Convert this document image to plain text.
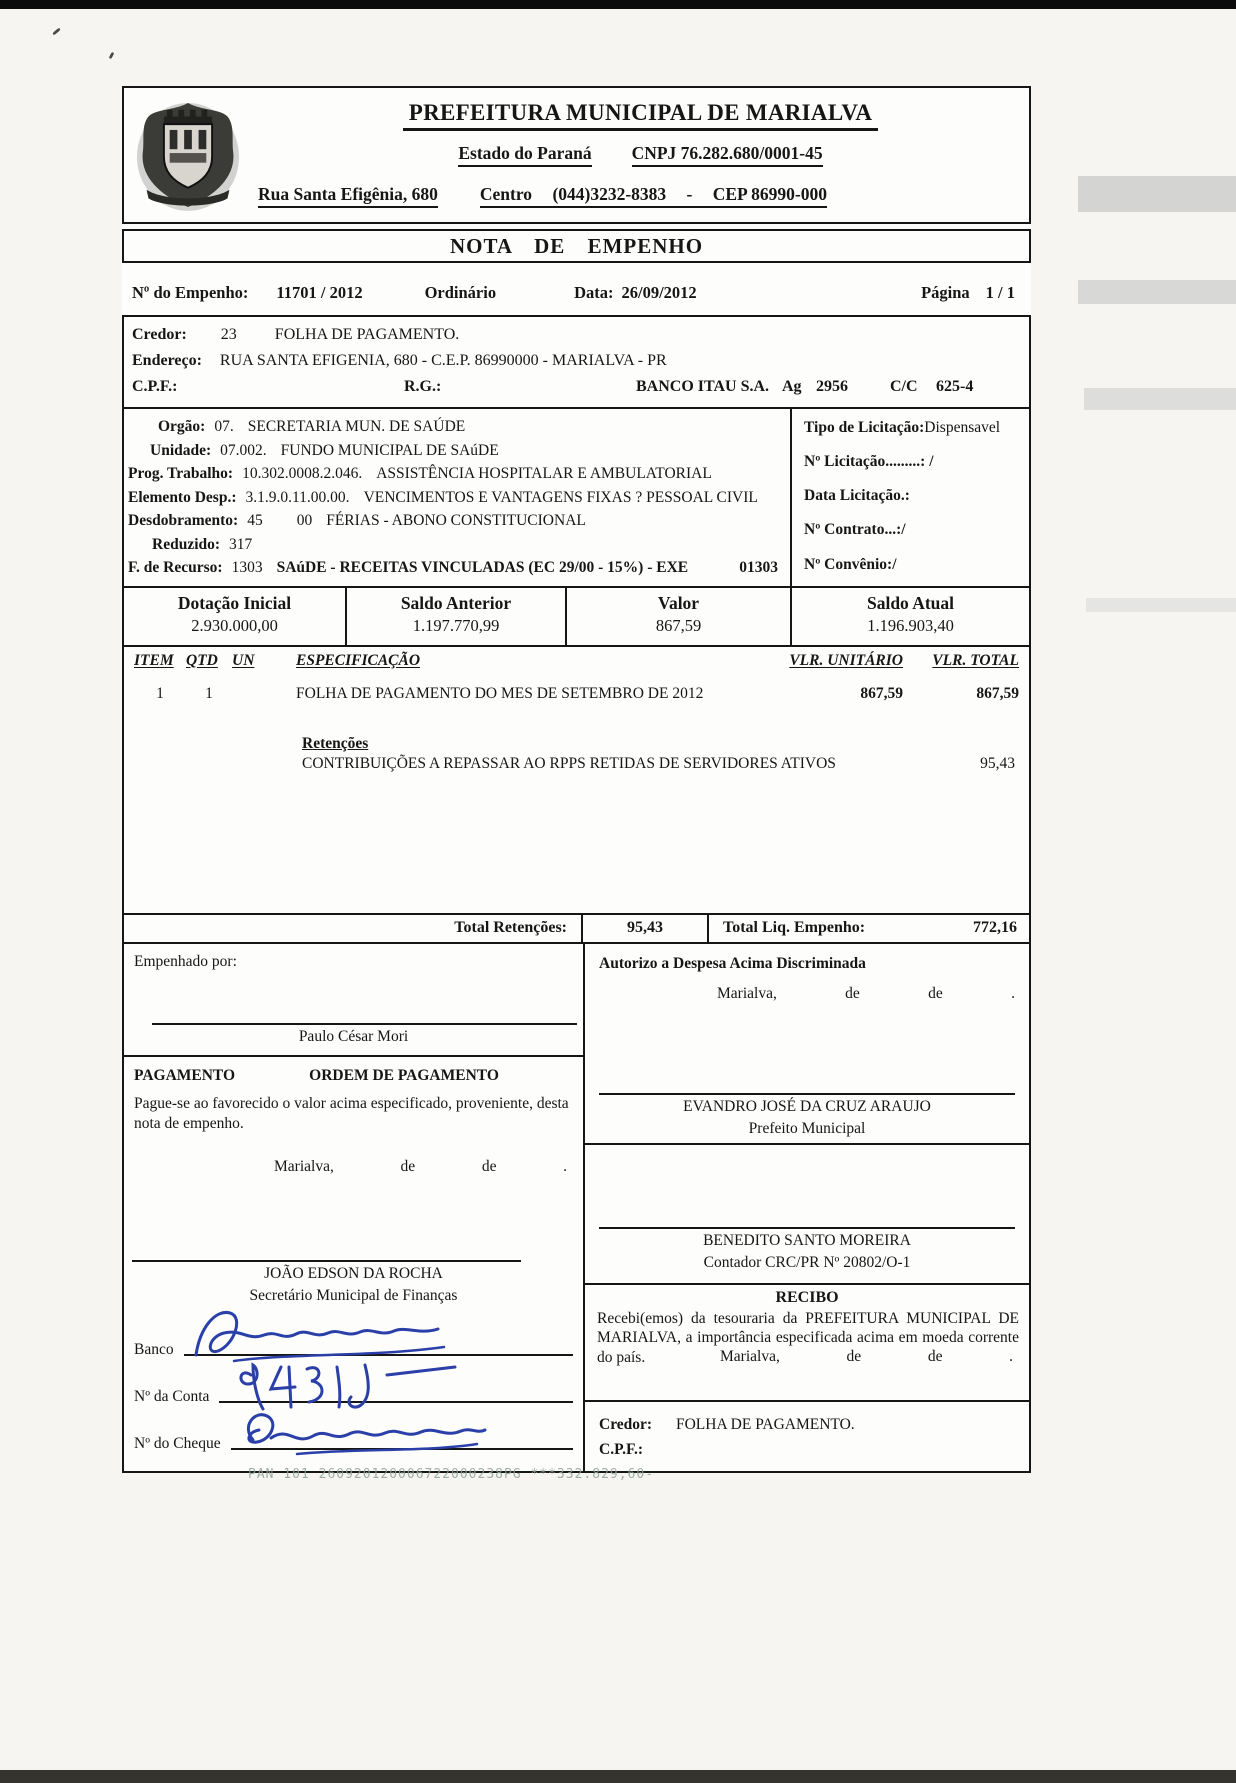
PREFEITURA MUNICIPAL DE MARIALVA
Estado do Paraná CNPJ 76.282.680/0001-45
Rua Santa Efigênia, 680 Centro (044)3232-8383 - CEP 86990-000
NOTA DE EMPENHO
Nº do Empenho: 11701 / 2012	Ordinário	Data: 26/09/2012	Página 1 / 1
Credor: 23 FOLHA DE PAGAMENTO.
Endereço: RUA SANTA EFIGENIA, 680 - C.E.P. 86990000 - MARIALVA - PR
C.P.F.:	R.G.:	BANCO ITAU S.A. Ag 2956	C/C 625-4
Orgão: 07. SECRETARIA MUN. DE SAÚDE
Unidade: 07.002. FUNDO MUNICIPAL DE SAúDE
Prog. Trabalho: 10.302.0008.2.046. ASSISTÊNCIA HOSPITALAR E AMBULATORIAL
Elemento Desp.: 3.1.9.0.11.00.00. VENCIMENTOS E VANTAGENS FIXAS ? PESSOAL CIVIL
Desdobramento: 45 00 FÉRIAS - ABONO CONSTITUCIONAL
Reduzido: 317
F. de Recurso: 1303 SAúDE - RECEITAS VINCULADAS (EC 29/00 - 15%) - EXE	01303
Tipo de Licitação:Dispensavel
Nº Licitação.........: /
Data Licitação.:
Nº Contrato...:/
Nº Convênio:/
Dotação Inicial
2.930.000,00
Saldo Anterior
1.197.770,99
Valor
867,59
Saldo Atual
1.196.903,40
ITEM QTD UN	ESPECIFICAÇÃO	VLR. UNITÁRIO	VLR. TOTAL
1	1	FOLHA DE PAGAMENTO DO MES DE SETEMBRO DE 2012	867,59	867,59
Retenções
CONTRIBUIÇÕES A REPASSAR AO RPPS RETIDAS DE SERVIDORES ATIVOS	95,43
Total Retenções:	95,43	Total Liq. Empenho:	772,16
Empenhado por:
Paulo César Mori
PAGAMENTO	ORDEM DE PAGAMENTO

Pague-se ao favorecido o valor acima especificado, proveniente, desta nota de empenho.

Marialva,	de	de	.
JOÃO EDSON DA ROCHA
Secretário Municipal de Finanças
Banco
Nº da Conta
Nº do Cheque
Autorizo a Despesa Acima Discriminada
Marialva,	de	de	.
EVANDRO JOSÉ DA CRUZ ARAUJO
Prefeito Municipal
BENEDITO SANTO MOREIRA
Contador CRC/PR Nº 20802/O-1
RECIBO

Recebi(emos) da tesouraria da PREFEITURA MUNICIPAL DE MARIALVA, a importância especificada acima em moeda corrente do país.	Marialva,	de	de	.
Credor: FOLHA DE PAGAMENTO.
C.P.F.:
PAN 101 260920120006722000238PG ***332.829,60-
